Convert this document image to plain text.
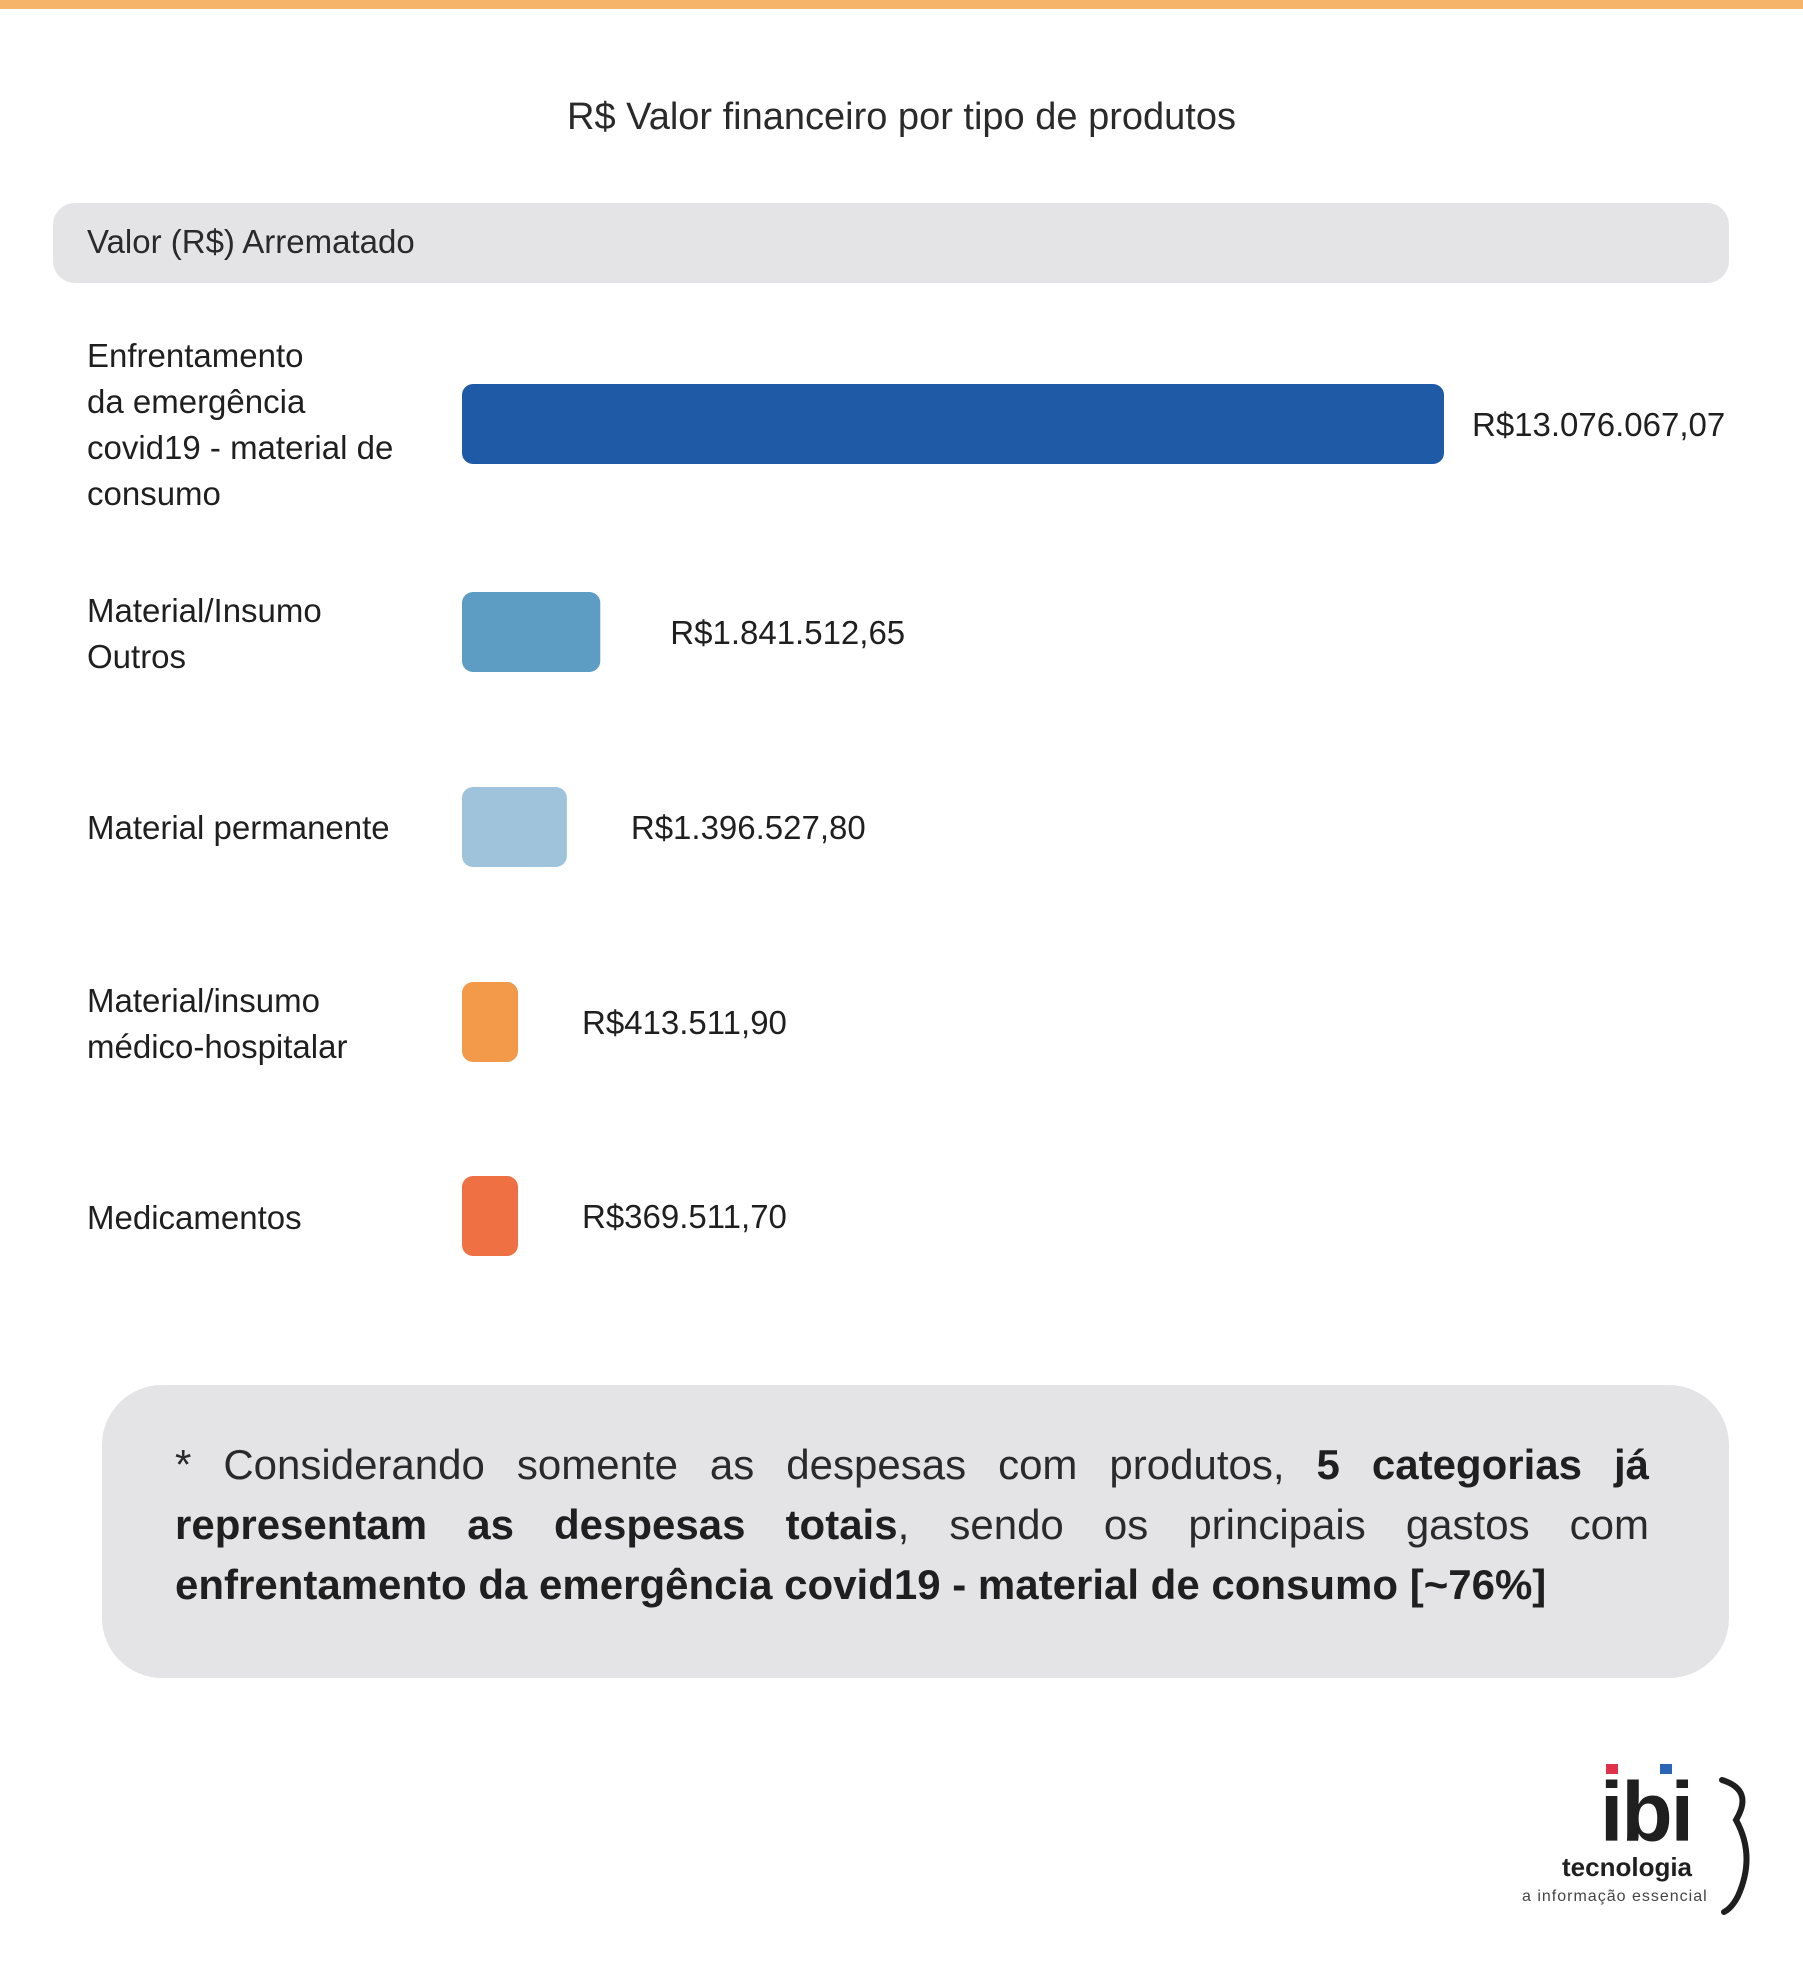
R$ Valor financeiro por tipo de produtos
Valor (R$) Arrematado
Enfrentamento
da emergência
covid19 - material de
consumo
Material/Insumo
Outros
Material permanente
Material/insumo
médico-hospitalar
Medicamentos
R$13.076.067,07
R$1.841.512,65
R$1.396.527,80
R$413.511,90
R$369.511,70
* Considerando somente as despesas com produtos, 5 categorias já representam as despesas totais, sendo os principais gastos com enfrentamento da emergência covid19 - material de consumo [~76%]
ibi
tecnologia
a informação essencial
